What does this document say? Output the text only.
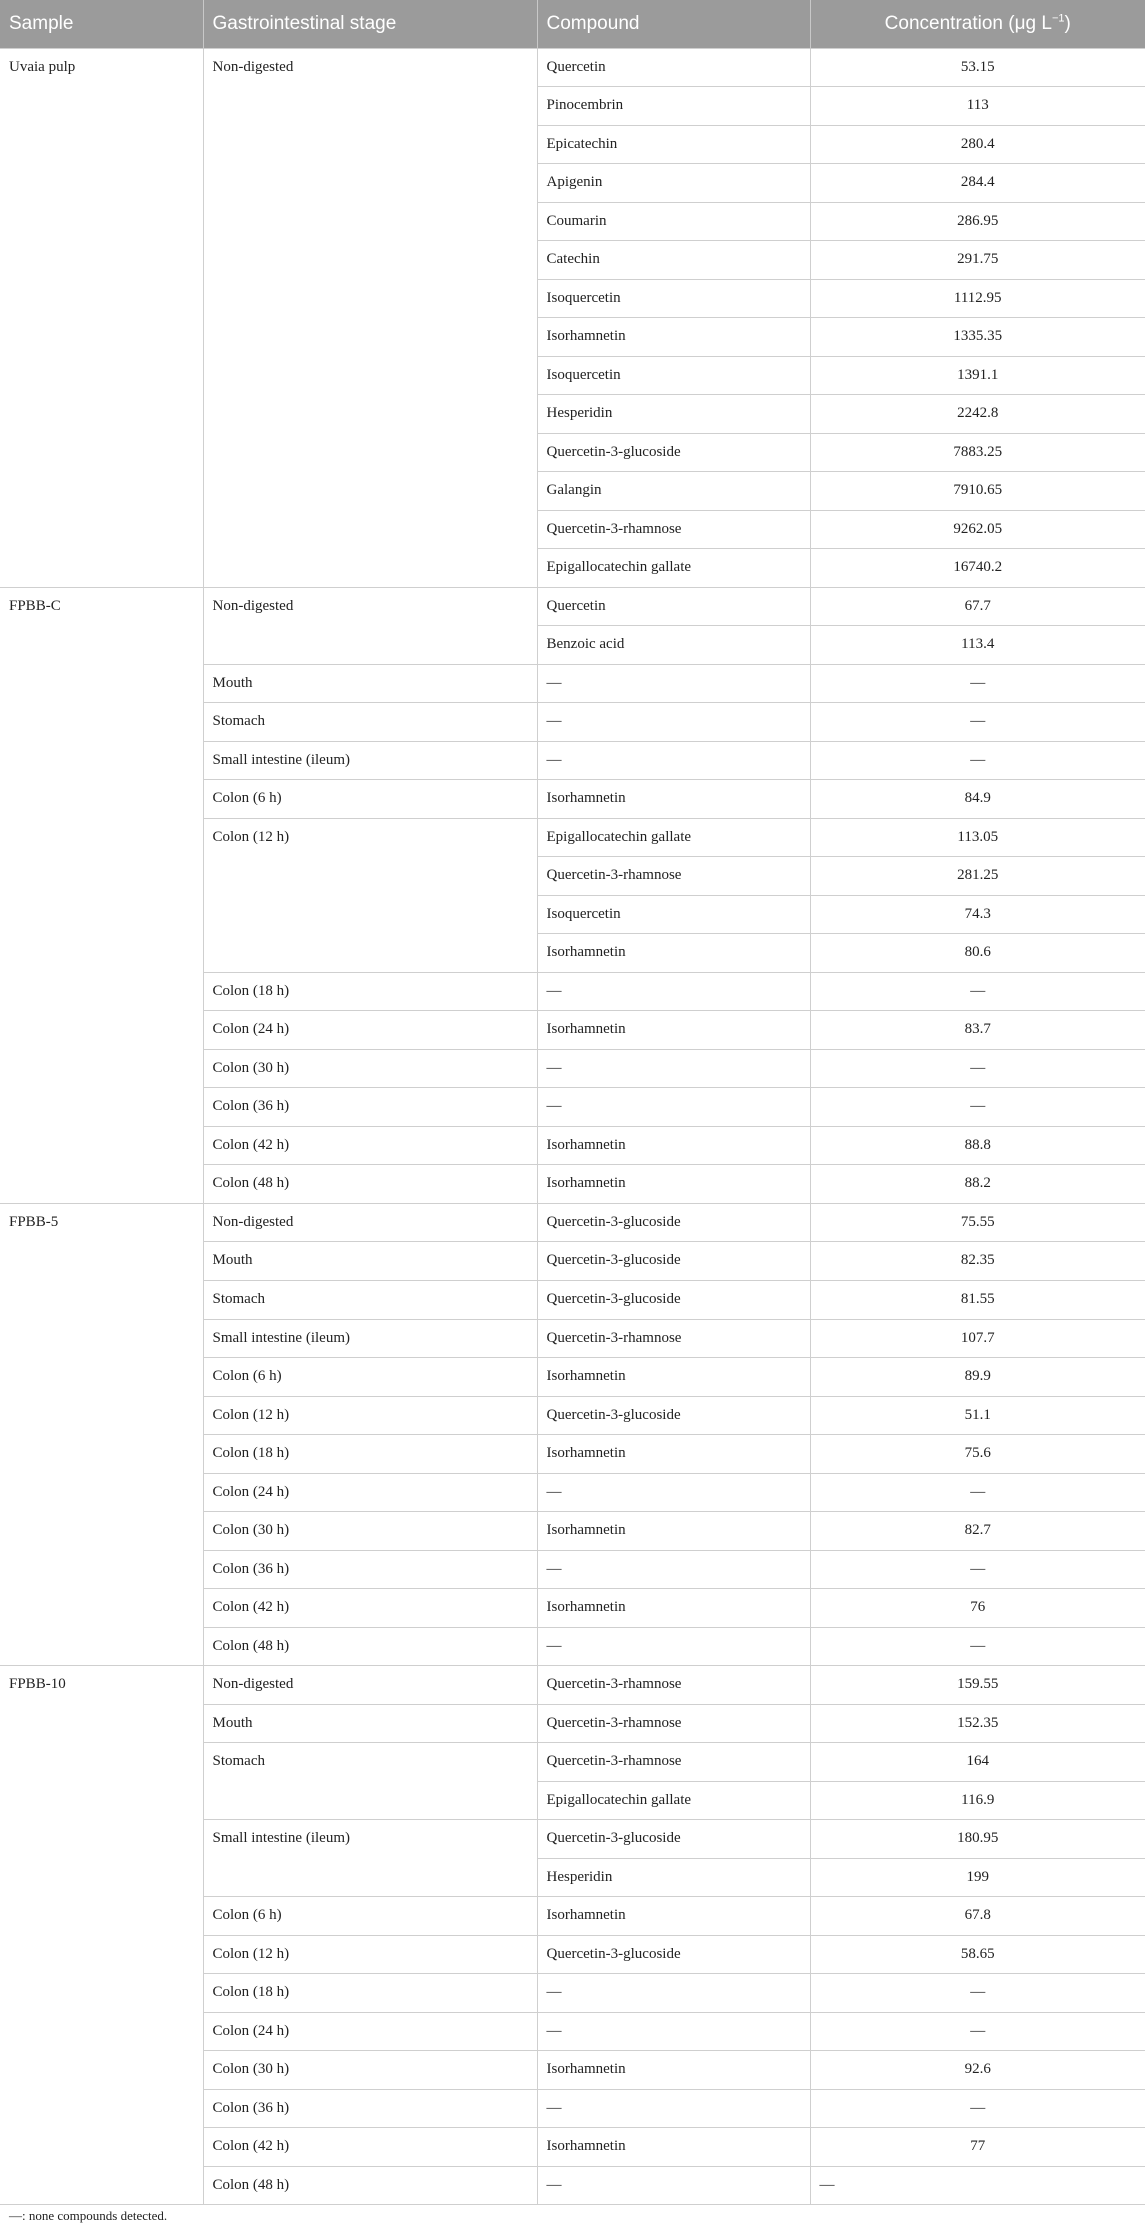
Sample	Gastrointestinal stage	Compound	Concentration (μg $L^{-1}$)
Uvaia pulp	Non-digested	Quercetin	53.15
		Pinocembrin	113
		Epicatechin	280.4
		Apigenin	284.4
		Coumarin	286.95
		Catechin	291.75
		Isoquercetin	1112.95
		Isorhamnetin	1335.35
		Isoquercetin	1391.1
		Hesperidin	2242.8
		Quercetin-3-glucoside	7883.25
		Galangin	7910.65
		Quercetin-3-rhamnose	9262.05
		Epigallocatechin gallate	16740.2
FPBB-C	Non-digested	Quercetin	67.7
		Benzoic acid	113.4
	Mouth	—	—
	Stomach	—	—
	Small intestine (ileum)	—	—
	Colon (6 h)	Isorhamnetin	84.9
	Colon (12 h)	Epigallocatechin gallate	113.05
		Quercetin-3-rhamnose	281.25
		Isoquercetin	74.3
		Isorhamnetin	80.6
	Colon (18 h)	—	—
	Colon (24 h)	Isorhamnetin	83.7
	Colon (30 h)	—	—
	Colon (36 h)	—	—
	Colon (42 h)	Isorhamnetin	88.8
	Colon (48 h)	Isorhamnetin	88.2
FPBB-5	Non-digested	Quercetin-3-glucoside	75.55
	Mouth	Quercetin-3-glucoside	82.35
	Stomach	Quercetin-3-glucoside	81.55
	Small intestine (ileum)	Quercetin-3-rhamnose	107.7
	Colon (6 h)	Isorhamnetin	89.9
	Colon (12 h)	Quercetin-3-glucoside	51.1
	Colon (18 h)	Isorhamnetin	75.6
	Colon (24 h)	—	—
	Colon (30 h)	Isorhamnetin	82.7
	Colon (36 h)	—	—
	Colon (42 h)	Isorhamnetin	76
	Colon (48 h)	—	—
FPBB-10	Non-digested	Quercetin-3-rhamnose	159.55
	Mouth	Quercetin-3-rhamnose	152.35
	Stomach	Quercetin-3-rhamnose	164
		Epigallocatechin gallate	116.9
	Small intestine (ileum)	Quercetin-3-glucoside	180.95
		Hesperidin	199
	Colon (6 h)	Isorhamnetin	67.8
	Colon (12 h)	Quercetin-3-glucoside	58.65
	Colon (18 h)	—	—
	Colon (24 h)	—	—
	Colon (30 h)	Isorhamnetin	92.6
	Colon (36 h)	—	—
	Colon (42 h)	Isorhamnetin	77
	Colon (48 h)	—	—
—: none compounds detected.
